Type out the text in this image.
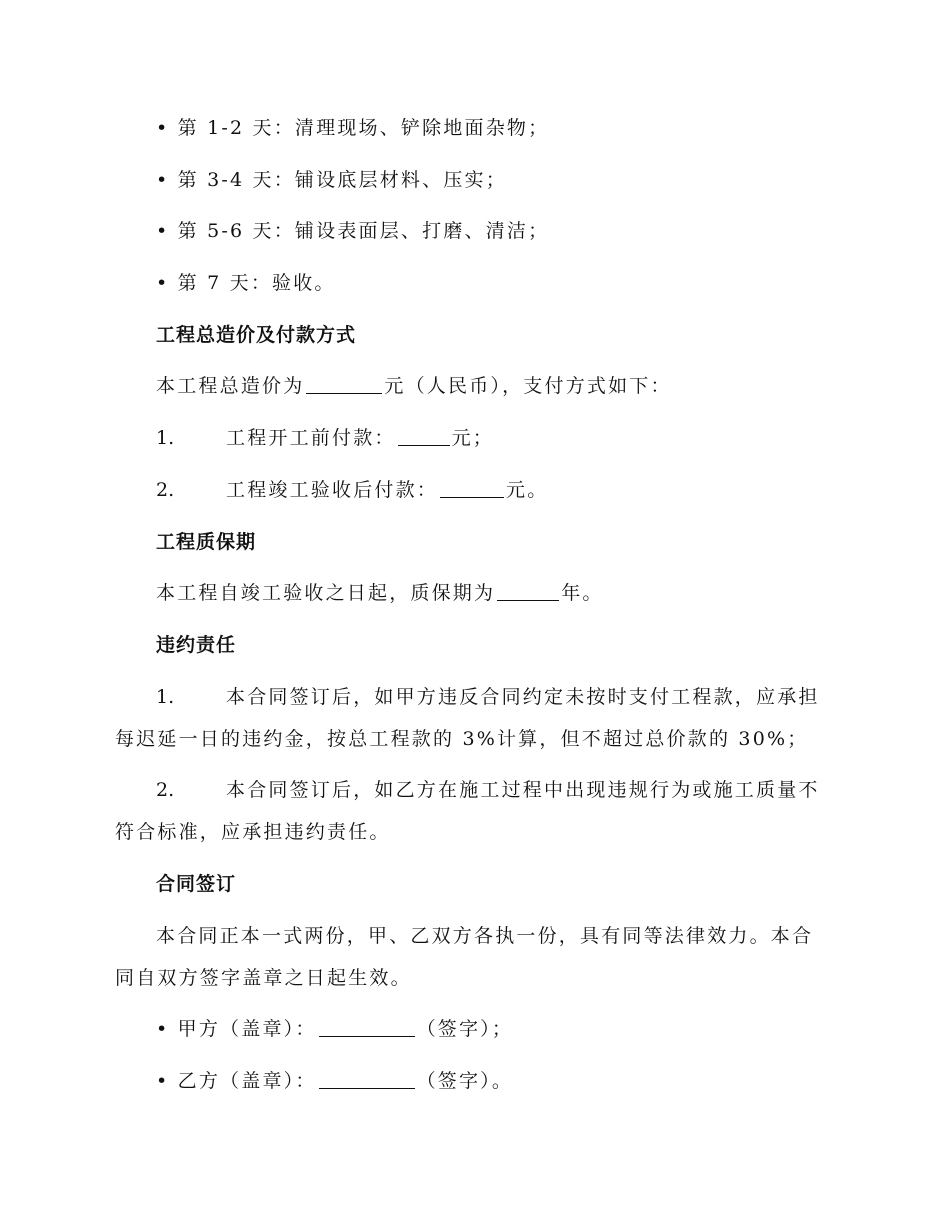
• 第 1-2 天：清理现场、铲除地面杂物；
• 第 3-4 天：铺设底层材料、压实；
• 第 5-6 天：铺设表面层、打磨、清洁；
• 第 7 天：验收。
工程总造价及付款方式
本工程总造价为	元（人民币），支付方式如下：
1.	工程开工前付款：	元；
2.	工程竣工验收后付款：	元。
工程质保期
本工程自竣工验收之日起，质保期为	年。
违约责任
1.	本合同签订后，如甲方违反合同约定未按时支付工程款，应承担
每迟延一日的违约金，按总工程款的 3%计算，但不超过总价款的 30%；
2.	本合同签订后，如乙方在施工过程中出现违规行为或施工质量不
符合标准，应承担违约责任。
合同签订
本合同正本一式两份，甲、乙双方各执一份，具有同等法律效力。本合
同自双方签字盖章之日起生效。
• 甲方（盖章）：	（签字）；
• 乙方（盖章）：	（签字）。
